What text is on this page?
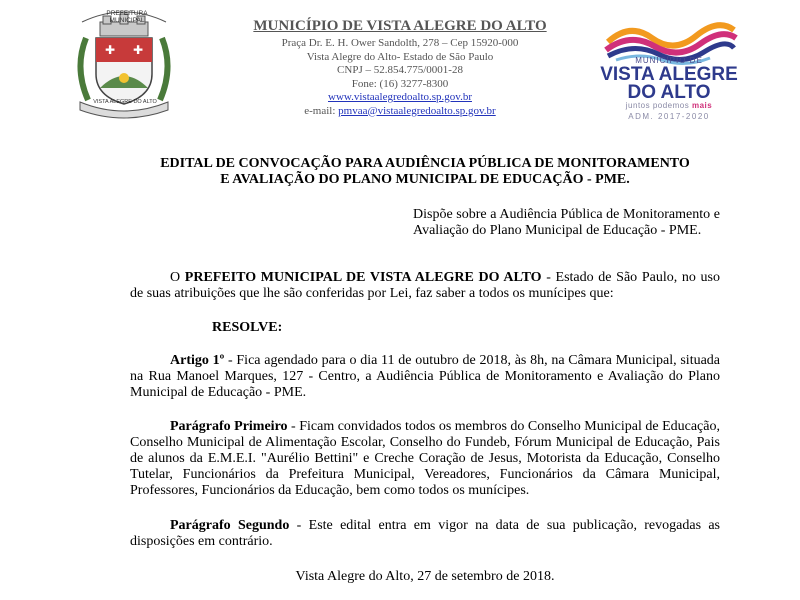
✚ ✚
PREFEITURA MUNICIPAL
VISTA ALEGRE DO ALTO
MUNICÍPIO DE VISTA ALEGRE DO ALTO
Praça Dr. E. H. Ower Sandolth, 278 – Cep 15920-000
Vista Alegre do Alto- Estado de São Paulo
CNPJ – 52.854.775/0001-28
Fone: (16) 3277-8300
www.vistaalegredoalto.sp.gov.br
e-mail: pmvaa@vistaalegredoalto.sp.gov.br
MUNICÍPIO DE
VISTA ALEGRE
DO ALTO
juntos podemos mais
ADM. 2017-2020
EDITAL DE CONVOCAÇÃO PARA AUDIÊNCIA PÚBLICA DE MONITORAMENTO
E AVALIAÇÃO DO PLANO MUNICIPAL DE EDUCAÇÃO - PME.
Dispõe sobre a Audiência Pública de Monitoramento e Avaliação do Plano Municipal de Educação - PME.
O PREFEITO MUNICIPAL DE VISTA ALEGRE DO ALTO - Estado de São Paulo, no uso de suas atribuições que lhe são conferidas por Lei, faz saber a todos os munícipes que:
RESOLVE:
Artigo 1º - Fica agendado para o dia 11 de outubro de 2018, às 8h, na Câmara Municipal, situada na Rua Manoel Marques, 127 - Centro, a Audiência Pública de Monitoramento e Avaliação do Plano Municipal de Educação - PME.
Parágrafo Primeiro - Ficam convidados todos os membros do Conselho Municipal de Educação, Conselho Municipal de Alimentação Escolar, Conselho do Fundeb, Fórum Municipal de Educação, Pais de alunos da E.M.E.I. "Aurélio Bettini" e Creche Coração de Jesus, Motorista da Educação, Conselho Tutelar, Funcionários da Prefeitura Municipal, Vereadores, Funcionários da Câmara Municipal, Professores, Funcionários da Educação, bem como todos os munícipes.
Parágrafo Segundo - Este edital entra em vigor na data de sua publicação, revogadas as disposições em contrário.
Vista Alegre do Alto, 27 de setembro de 2018.
